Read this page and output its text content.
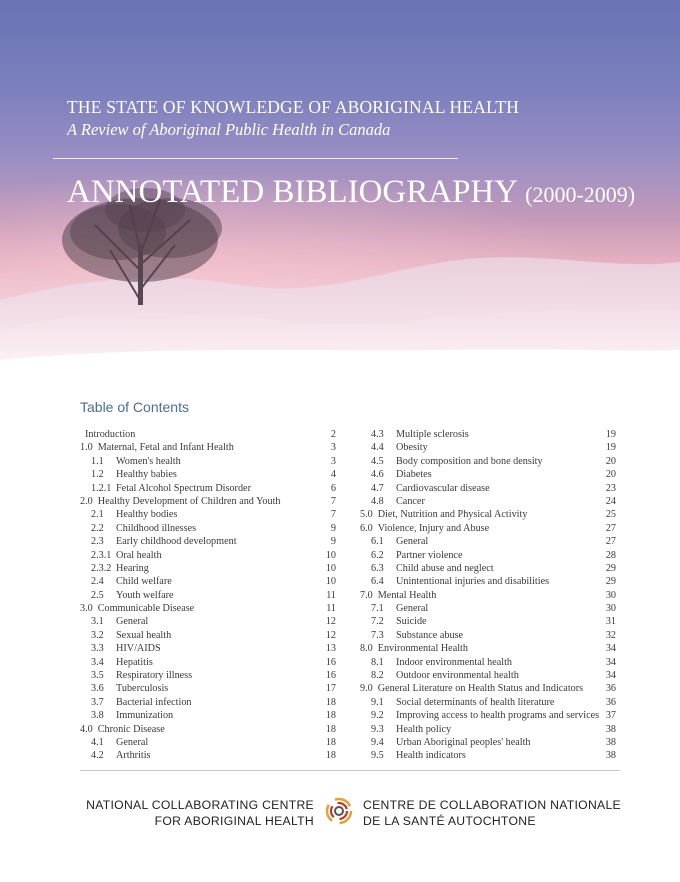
THE STATE OF KNOWLEDGE OF ABORIGINAL HEALTH
A Review of Aboriginal Public Health in Canada
ANNOTATED BIBLIOGRAPHY (2000-2009)
Table of Contents
Introduction	2
1.0 Maternal, Fetal and Infant Health	3
1.1 Women's health	3
1.2 Healthy babies	4
1.2.1 Fetal Alcohol Spectrum Disorder	6
2.0 Healthy Development of Children and Youth	7
2.1 Healthy bodies	7
2.2 Childhood illnesses	9
2.3 Early childhood development	9
2.3.1 Oral health	10
2.3.2 Hearing	10
2.4 Child welfare	10
2.5 Youth welfare	11
3.0 Communicable Disease	11
3.1 General	12
3.2 Sexual health	12
3.3 HIV/AIDS	13
3.4 Hepatitis	16
3.5 Respiratory illness	16
3.6 Tuberculosis	17
3.7 Bacterial infection	18
3.8 Immunization	18
4.0 Chronic Disease	18
4.1 General	18
4.2 Arthritis	18
4.3 Multiple sclerosis	19
4.4 Obesity	19
4.5 Body composition and bone density	20
4.6 Diabetes	20
4.7 Cardiovascular disease	23
4.8 Cancer	24
5.0 Diet, Nutrition and Physical Activity	25
6.0 Violence, Injury and Abuse	27
6.1 General	27
6.2 Partner violence	28
6.3 Child abuse and neglect	29
6.4 Unintentional injuries and disabilities	29
7.0 Mental Health	30
7.1 General	30
7.2 Suicide	31
7.3 Substance abuse	32
8.0 Environmental Health	34
8.1 Indoor environmental health	34
8.2 Outdoor environmental health	34
9.0 General Literature on Health Status and Indicators 36
9.1 Social determinants of health literature	36
9.2 Improving access to health programs and services 37
9.3 Health policy	38
9.4 Urban Aboriginal peoples' health	38
9.5 Health indicators	38
NATIONAL COLLABORATING CENTRE
FOR ABORIGINAL HEALTH
CENTRE DE COLLABORATION NATIONALE
DE LA SANTÉ AUTOCHTONE
